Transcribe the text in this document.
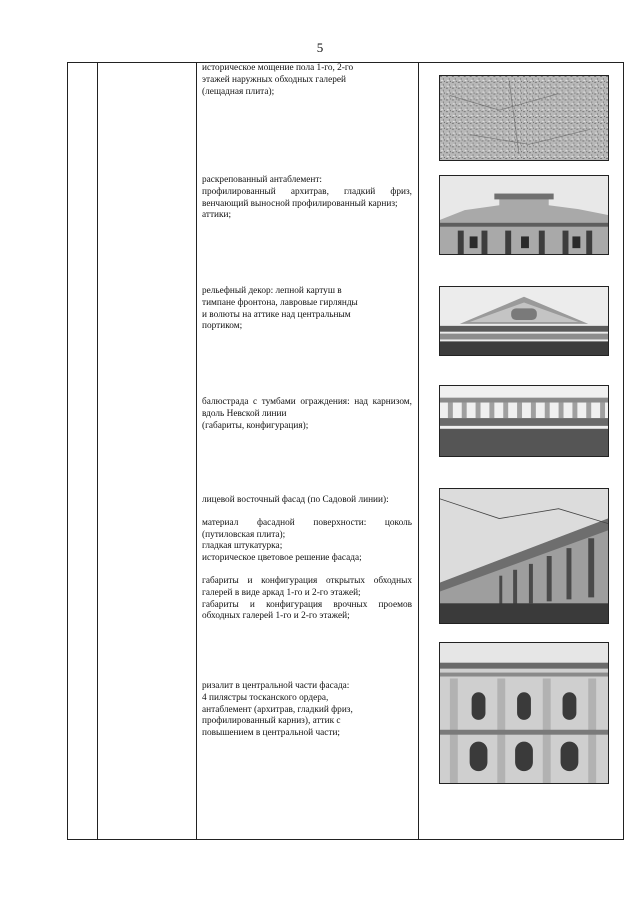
5

историческое мощение пола 1-го, 2-го
этажей наружных обходных галерей
(лещадная плита);

раскрепованный антаблемент:
профилированный архитрав, гладкий фриз, венчающий выносной профилированный карниз;
аттики;

рельефный декор: лепной картуш в
тимпане фронтона, лавровые гирлянды
и волюты на аттике над центральным
портиком;

балюстрада с тумбами ограждения: над карнизом, вдоль Невской линии
(габариты, конфигурация);

лицевой восточный фасад (по Садовой линии):

материал фасадной поверхности: цоколь (путиловская плита);
гладкая штукатурка;
историческое цветовое решение фасада;

габариты и конфигурация открытых обходных галерей в виде аркад 1-го и 2-го этажей;
габариты и конфигурация врочных проемов обходных галерей 1-го и 2-го этажей;

ризалит в центральной части фасада:
4 пилястры тосканского ордера,
антаблемент (архитрав, гладкий фриз, профилированный карниз), аттик с
повышением в центральной части;
